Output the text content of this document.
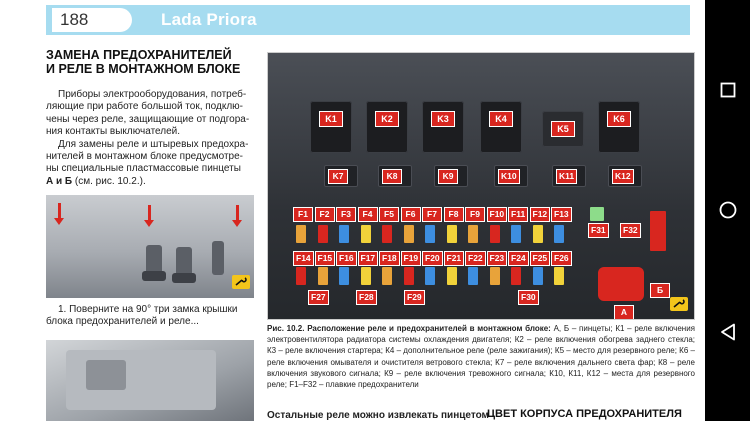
188	Lada Priora

ЗАМЕНА ПРЕДОХРАНИТЕЛЕЙ

И РЕЛЕ В МОНТАЖНОМ БЛОКЕ

Приборы электрооборудования, потреб-

ляющие при работе большой ток, подклю-

чены через реле, защищающие от подгора-

ния контакты выключателей.

Для замены реле и штыревых предохра-

нителей в монтажном блоке предусмотре-

ны специальные пластмассовые пинцеты

А и Б (см. рис. 10.2.).

1. Поверните на 90° три замка крышки

блока предохранителей и реле...

K1	K2	K3	K4
K5
K6
K7	K8	K9	K10	K11	K12
F1	F2	F3	F4	F5	F6	F7	F8	F9	F10 F11 F12 F13
F14 F15 F16 F17 F18 F19 F20 F21 F22 F23 F24 F25 F26
F27	F28	F29	F30
F31	F32
А
Б

Рис. 10.2. Расположение реле и предохранителей в монтажном блоке: А, Б – пинцеты; К1 – реле включения электровентилятора радиатора системы охлаждения двигателя; К2 – реле включения обогрева заднего стекла; К3 – реле включения стартера; К4 – дополнительное реле (реле зажигания); К5 – место для резервного реле; К6 – реле включения омывателя и очистителя ветрового стекла; К7 – реле включения дальнего света фар; К8 – реле включения звукового сигнала; К9 – реле включения тревожного сигнала; К10, К11, К12 – места для резервного реле; F1–F32 – плавкие предохранители

Остальные реле можно извлекать пинцетом
ЦВЕТ КОРПУСА ПРЕДОХРАНИТЕЛЯ
